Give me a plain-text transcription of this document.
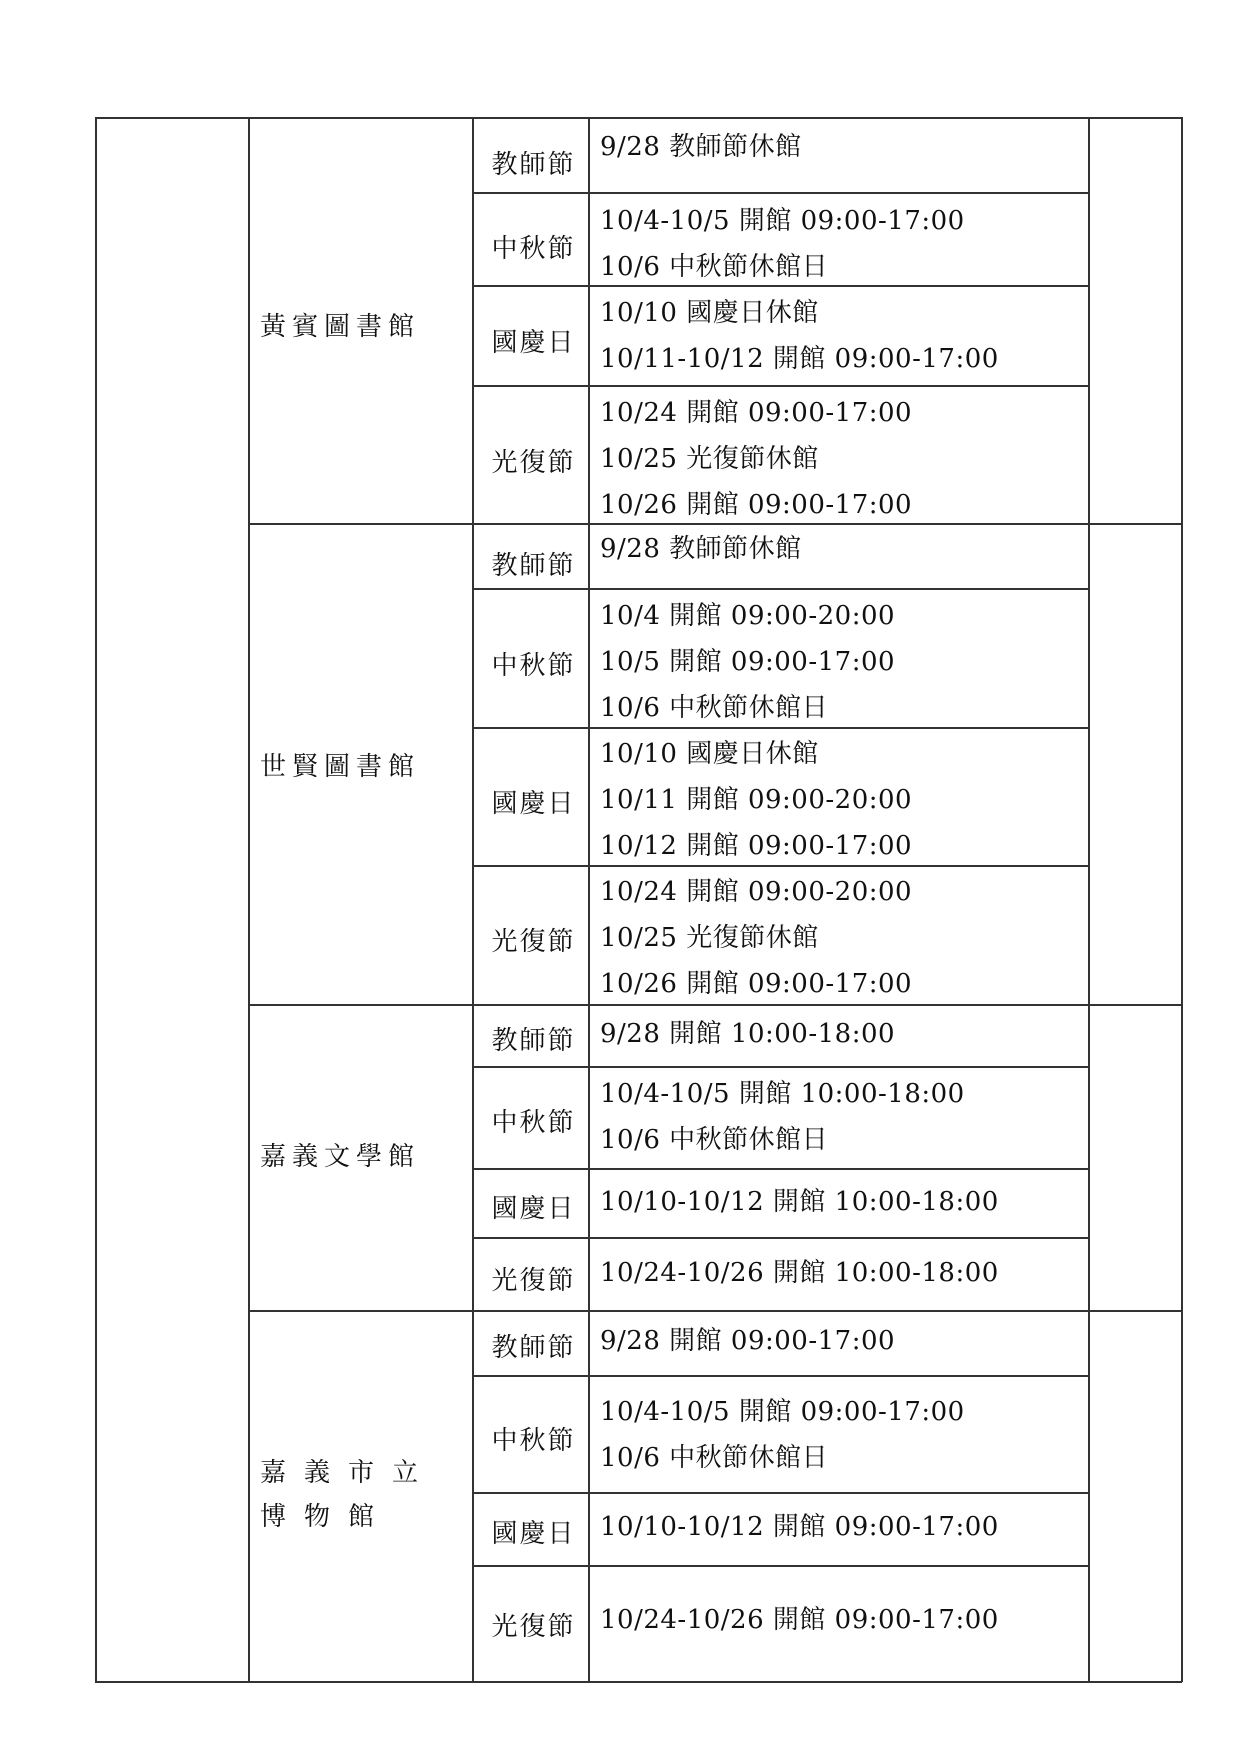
黃賓圖書館
世賢圖書館
嘉義文學館
嘉義市立博物館
教師節
9/28 教師節休館
中秋節
10/4-10/5 開館 09:00-17:00
10/6 中秋節休館日
國慶日
10/10 國慶日休館
10/11-10/12 開館 09:00-17:00
光復節
10/24 開館 09:00-17:00
10/25 光復節休館
10/26 開館 09:00-17:00
教師節
9/28 教師節休館
中秋節
10/4 開館 09:00-20:00
10/5 開館 09:00-17:00
10/6 中秋節休館日
國慶日
10/10 國慶日休館
10/11 開館 09:00-20:00
10/12 開館 09:00-17:00
光復節
10/24 開館 09:00-20:00
10/25 光復節休館
10/26 開館 09:00-17:00
教師節 9/28 開館 10:00-18:00
中秋節
10/4-10/5 開館 10:00-18:00
10/6 中秋節休館日
國慶日 10/10-10/12 開館 10:00-18:00
光復節 10/24-10/26 開館 10:00-18:00
教師節 9/28 開館 09:00-17:00
中秋節
10/4-10/5 開館 09:00-17:00
10/6 中秋節休館日
國慶日 10/10-10/12 開館 09:00-17:00
光復節 10/24-10/26 開館 09:00-17:00
